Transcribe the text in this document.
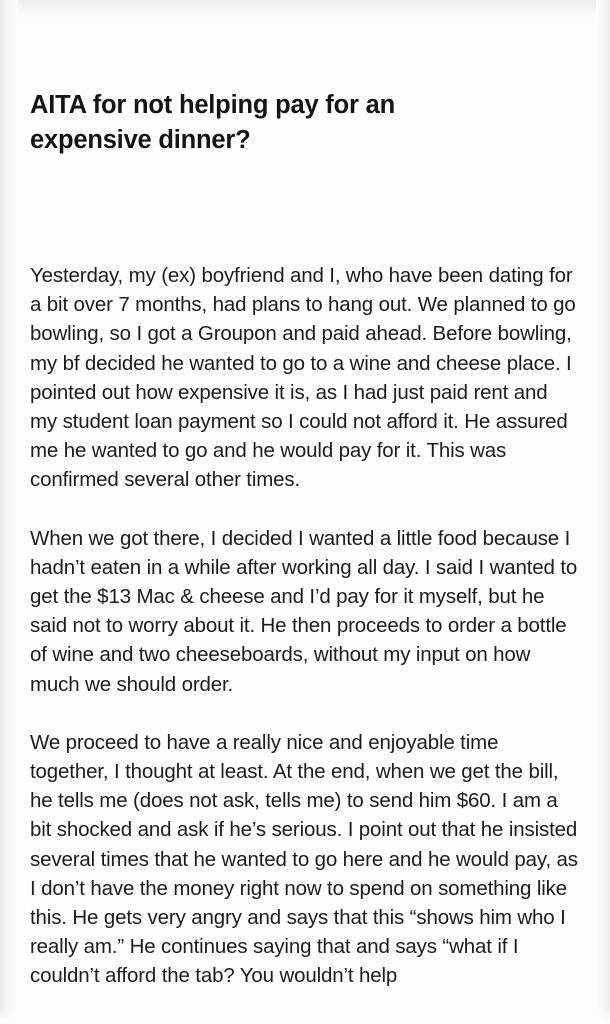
AITA for not helping pay for an expensive dinner?

Yesterday, my (ex) boyfriend and I, who have been dating for a bit over 7 months, had plans to hang out. We planned to go bowling, so I got a Groupon and paid ahead. Before bowling, my bf decided he wanted to go to a wine and cheese place. I pointed out how expensive it is, as I had just paid rent and my student loan payment so I could not afford it. He assured me he wanted to go and he would pay for it. This was confirmed several other times.

When we got there, I decided I wanted a little food because I hadn’t eaten in a while after working all day. I said I wanted to get the $13 Mac & cheese and I’d pay for it myself, but he said not to worry about it. He then proceeds to order a bottle of wine and two cheeseboards, without my input on how much we should order.

We proceed to have a really nice and enjoyable time together, I thought at least. At the end, when we get the bill, he tells me (does not ask, tells me) to send him $60. I am a bit shocked and ask if he’s serious. I point out that he insisted several times that he wanted to go here and he would pay, as I don’t have the money right now to spend on something like this. He gets very angry and says that this “shows him who I really am.” He continues saying that and says “what if I couldn’t afford the tab? You wouldn’t help
